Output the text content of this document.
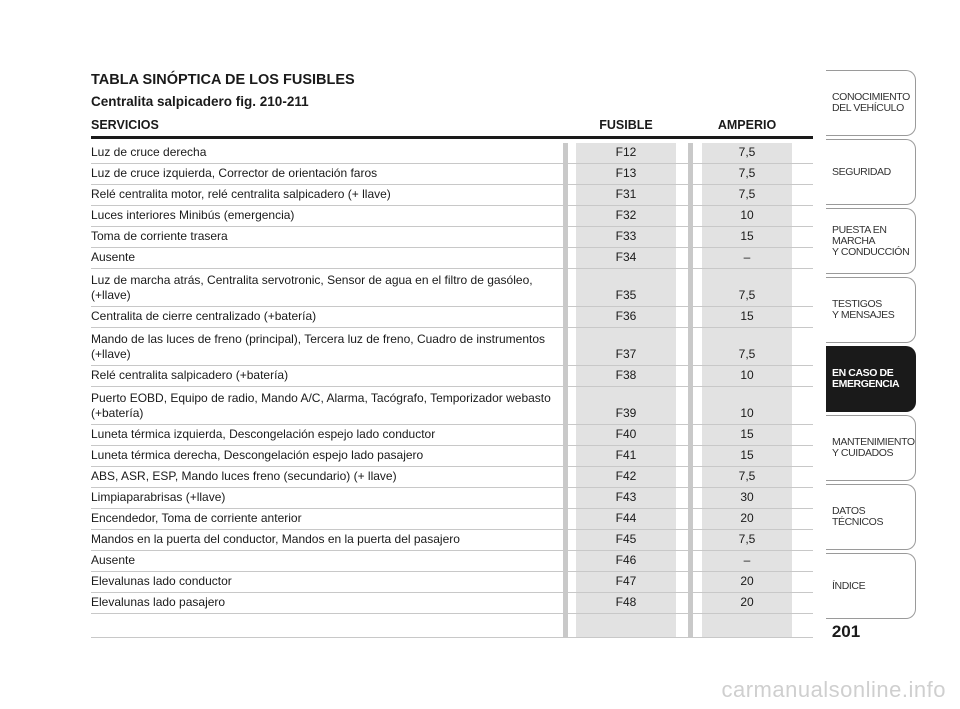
TABLA SINÓPTICA DE LOS FUSIBLES
Centralita salpicadero fig. 210-211
SERVICIOS	FUSIBLE	AMPERIO
Luz de cruce derecha	F12	7,5
Luz de cruce izquierda, Corrector de orientación faros	F13	7,5
Relé centralita motor, relé centralita salpicadero (+ llave)	F31	7,5
Luces interiores Minibús (emergencia)	F32	10
Toma de corriente trasera	F33	15
Ausente	F34	–
Luz de marcha atrás, Centralita servotronic, Sensor de agua en el filtro de gasóleo, (+llave)	F35	7,5
Centralita de cierre centralizado (+batería)	F36	15
Mando de las luces de freno (principal), Tercera luz de freno, Cuadro de instrumentos (+llave)	F37	7,5
Relé centralita salpicadero (+batería)	F38	10
Puerto EOBD, Equipo de radio, Mando A/C, Alarma, Tacógrafo, Temporizador webasto (+batería)	F39	10
Luneta térmica izquierda, Descongelación espejo lado conductor	F40	15
Luneta térmica derecha, Descongelación espejo lado pasajero	F41	15
ABS, ASR, ESP, Mando luces freno (secundario) (+ llave)	F42	7,5
Limpiaparabrisas (+llave)	F43	30
Encendedor, Toma de corriente anterior	F44	20
Mandos en la puerta del conductor, Mandos en la puerta del pasajero	F45	7,5
Ausente	F46	–
Elevalunas lado conductor	F47	20
Elevalunas lado pasajero	F48	20
CONOCIMIENTO
DEL VEHÍCULO
SEGURIDAD
PUESTA EN
MARCHA
Y CONDUCCIÓN
TESTIGOS
Y MENSAJES
EN CASO DE
EMERGENCIA
MANTENIMIENTO
Y CUIDADOS
DATOS
TÉCNICOS
ÍNDICE
201
carmanualsonline.info
